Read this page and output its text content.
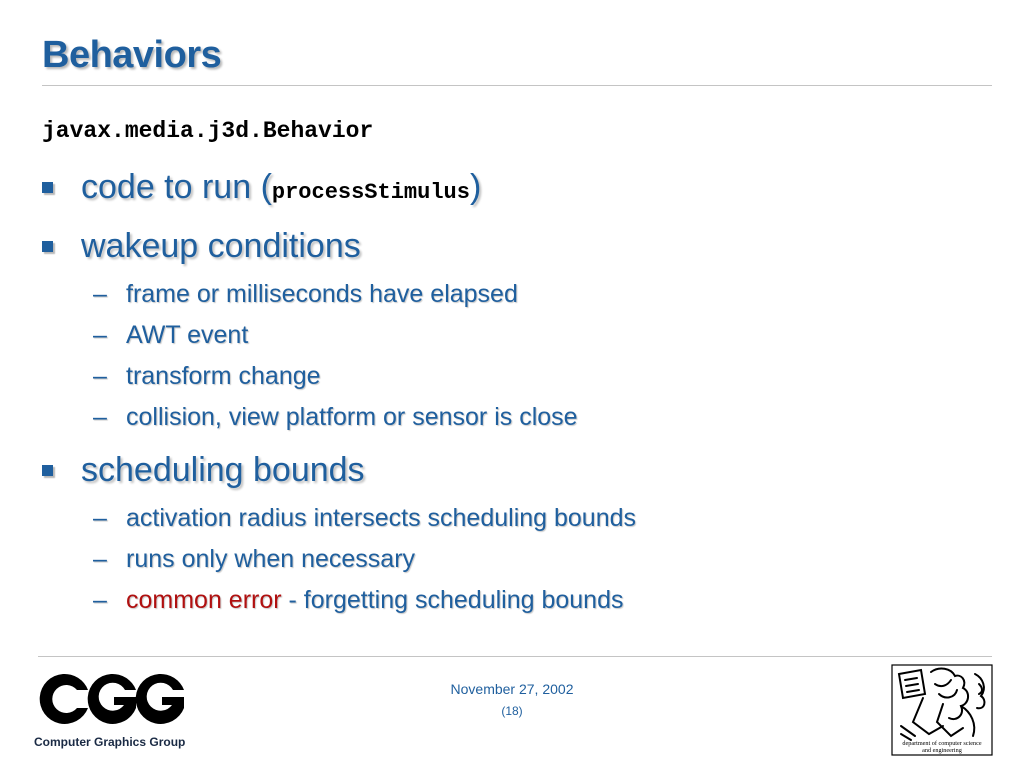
Behaviors
javax.media.j3d.Behavior
code to run (processStimulus)
wakeup conditions
– frame or milliseconds have elapsed
– AWT event
– transform change
– collision, view platform or sensor is close
scheduling bounds
– activation radius intersects scheduling bounds
– runs only when necessary
– common error - forgetting scheduling bounds
Computer Graphics Group
November 27, 2002
(18)
department of computer science
and engineering
